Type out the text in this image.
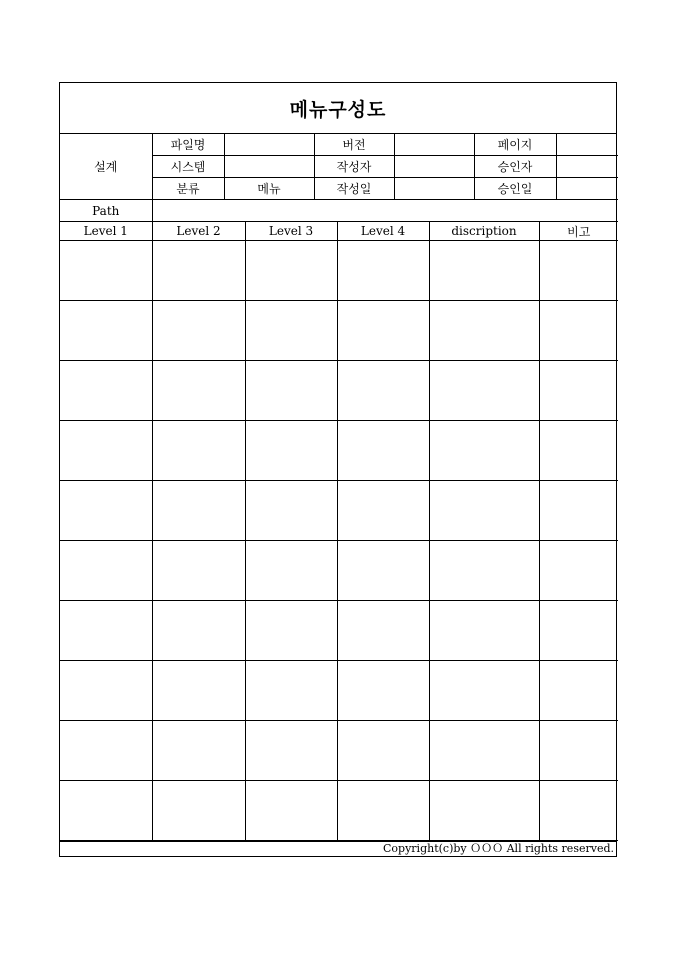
메뉴구성도
설계	파일명		버전		페이지	
	시스템		작성자		승인자	
	분류	메뉴	작성일		승인일	
Path						
Level 1	Level 2	Level 3	Level 4	discription	비고

Copyright(c)by ＯＯＯ All rights reserved.
